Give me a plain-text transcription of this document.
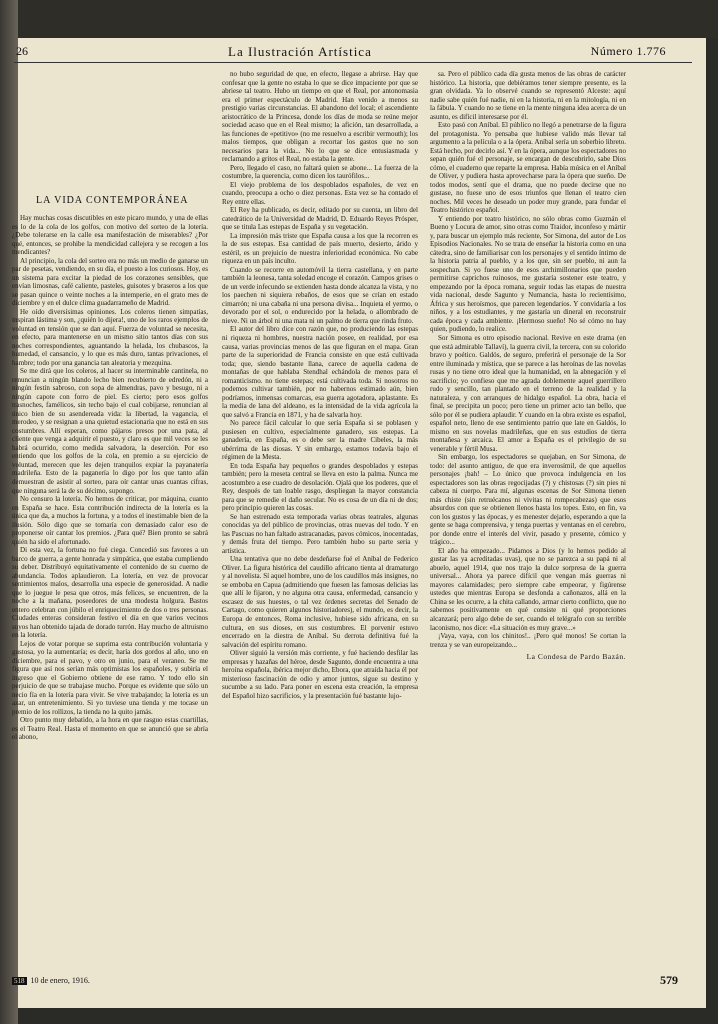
26	La Ilustración Artística	Número 1.776
LA VIDA CONTEMPORÁNEA

Hay muchas cosas discutibles en este picaro mundo, y una de ellas es lo de la cola de los golfos, con motivo del sorteo de la lotería. ¿Debe tolerarse en la calle esa manifestación de miserables? ¿Por qué, entonces, se prohibe la mendicidad callejera y se recogen a los mendicantes?

Al principio, la cola del sorteo era no más un medio de ganarse un par de pesetas, vendiendo, en su día, el puesto a los curiosos. Hoy, es un sistema para excitar la piedad de los corazones sensibles, que envían limosnas, café caliente, pasteles, guisotes y braseros a los que se pasan quince o veinte noches a la intemperie, en el grato mes de diciembre y en el dulce clima guadarrameño de Madrid.

He oído diversísimas opiniones. Los coleros tienen simpatías, inspiran lástima y son, ¿quién lo dijera!, uno de los raros ejemplos de voluntad en tensión que se dan aquí. Fuerza de voluntad se necesita, en efecto, para mantenerse en un mismo sitio tantos días con sus noches correspondientes, aguantando la helada, los chubascos, la humedad, el cansancio, y lo que es más duro, tantas privaciones, el hambre; todo por una ganancia tan aleatoria y mezquina.

Se me dirá que los coleros, al hacer su interminable cantinela, no renuncian a ningún blando lecho bien recubierto de edredón, ni a ningún festín sabroso, con sopa de almendras, pavo y besugo, ni a ningún capote con forro de piel. Es cierto; pero esos golfos trasnoches, famélicos, sin techo bajo el cual cobijarse, renuncian al único bien de su asendereada vida: la libertad, la vagancia, el merodeo, y se resignan a una quietud estacionaria que no está en sus costumbres. Allí esperan, como pájaros presos por una pata, al cliente que venga a adquirir el puesto, y claro es que mil veces se les habrá ocurrido, como medida salvadora, la deserción. Por eso entiendo que los golfos de la cola, en premio a su ejercicio de voluntad, merecen que les dejen tranquilos expiar la payanatería madrileña. Esto de la paganería lo digo por los que tanto afán demuestran de asistir al sorteo, para oír cantar unas cuantas cifras, que ninguna será la de su décimo, supongo.

No censuro la lotería. No hemos de criticar, por máquina, cuanto en España se hace. Esta contribución indirecta de la lotería es la única que da, a muchos la fortuna, y a todos el inestimable bien de la ilusión. Sólo digo que se tomaría con demasiado calor eso de proponerse oír cantar los premios. ¿Para qué? Bien pronto se sabrá quién ha sido el afortunado.

Di esta vez, la fortuna no fué ciega. Concedió sus favores a un barco de guerra, a gente honrada y simpática, que estaba cumpliendo su deber. Distribuyó equitativamente el contenido de su cuerno de abundancia. Todos aplaudieron. La lotería, en vez de provocar sentimientos malos, desarrolla una especie de generosidad. A nadie que lo juegue le pesa que otros, más felices, se encuentren, de la noche a la mañana, poseedores de una modesta holgura. Bastos entero celebran con júbilo el enriquecimiento de dos o tres personas. Ciudades enteras consideran festivo el día en que varios vecinos suyos han obtenido tajada de dorado turrón. Hay mucho de altruismo en la lotería.

Lejos de votar porque se suprima esta contribución voluntaria y gustosa, yo la aumentaría; es decir, haría dos gordos al año, uno en diciembre, para el pavo, y otro en junio, para el veraneo. Se me figura que así nos serían más optimistas los españoles, y subiría el ingreso que el Gobierno obtiene de ese ramo. Y todo ello sin perjuicio de que se trabajase mucho. Porque es evidente que sólo un necio fía en la lotería para vivir. Se vive trabajando; la lotería es un azar, un entretenimiento. Si yo tuviese una tienda y me tocase un premio de los rollizos, la tienda no la quito jamás.

Otro punto muy debatido, a la hora en que rasguo estas cuartillas, es el Teatro Real. Hasta el momento en que se anunció que se abría el abono,

no hubo seguridad de que, en efecto, llegase a abrirse. Hay que confesar que la gente no estaba lo que se dice impaciente por que se abriese tal teatro. Hubo un tiempo en que el Real, por antonomasia era el primer espectáculo de Madrid. Han venido a menos su prestigio varias circunstancias. El abandono del local; el ascendiente aristocrático de la Princesa, donde los días de moda se reúne mejor sociedad acaso que en el Real mismo; la afición, tan desarrollada, a las funciones de «petitivo» (no me resuelvo a escribir vermouth); los malos tiempos, que obligan a recortar los gastos que no son necesarios para la vida... No lo que se dice entusiasmada y reclamando a gritos el Real, no estaba la gente.

Pero, llegado el caso, no faltará quien se abone... La fuerza de la costumbre, la querencia, como dicen los taurófilos...

El viejo problema de los despoblados españoles, de vez en cuando, preocupa a ocho o diez personas. Esta vez se ha contado el Rey entre ellas.

El Rey ha publicado, es decir, editado por su cuenta, un libro del catedrático de la Universidad de Madrid, D. Eduardo Reyes Prósper, que se titula Las estepas de España y su vegetación.

La impresión más triste que España causa a los que la recorren es la de sus estepas. Esa cantidad de país muerto, desierto, árido y estéril, es un prejuicio de nuestra inferioridad económica. No cabe riqueza en un país inculto.

Cuando se recorre en automóvil la tierra castellana, y en parte también la leonesa, tanta soledad encoge el corazón. Campos grises o de un verde infecundo se extienden hasta donde alcanza la vista, y no los paechen ni siquiera rebaños, de esos que se crían en estado cimarrón; ni una cabaña ni una persona divisa... Inquieta el yermo, o devorado por el sol, o endurecido por la helada, o allombrado de nieve. Ni un árbol ni una mata ni un palmo de tierra que rinda fruto.

El autor del libro dice con razón que, no produciendo las estepas ni riqueza ni hombres, nuestra nación posee, en realidad, por esa causa, varias provincias menos de las que figuran en el mapa. Gran parte de la superioridad de Francia consiste en que está cultivada toda; que, siendo bastante llana, carece de aquella cadena de montañas de que hablaba Stendhal echándola de menos para el romanticismo. no tiene estepas; está cultivada toda. Si nosotros no podemos cultivar también, por no habernos estimado aún, bien podríamos, inmensas comarcas, esa guerra agotadora, aplastante. Es la media de lana del aldeano, es la intensidad de la vida agrícola la que salvó a Francia en 1871, y ha de salvarla hoy.

No parece fácil calcular lo que sería España si se poblasen y pusiesen en cultivo, especialmente ganadero, sus estepas. La ganadería, en España, es o debe ser la madre Cibeles, la más ubérrima de las diosas. Y sin embargo, estamos todavía bajo el régimen de la Mesta.

En toda España hay pequeños o grandes despoblados y estepas también; pero la meseta central se lleva en esto la palma. Nunca me acostumbro a ese cuadro de desolación. Ojalá que los poderes, que el Rey, después de tan loable rasgo, despliegan la mayor constancia para que se remedie el daño secular. No es cosa de un día ni de dos; pero principio quieren las cosas.

Se han estrenado esta temporada varias obras teatrales, algunas conocidas ya del público de provincias, otras nuevas del todo. Y en las Pascuas no han faltado astracanadas, pavos cómicos, inocentadas, y demás fruta del tiempo. Pero también hubo su parte seria y artística.

Una tentativa que no debe desdeñarse fué el Aníbal de Federico Oliver. La figura histórica del caudillo africano tienta al dramaturgo y al novelista. Sí aquel hombre, uno de los caudillos más insignes, no se emboba en Capua (admitiendo que fuesen las famosas delicias las que allí le fijaron, y no alguna otra causa, enfermedad, cansancio y escasez de sus huestes, o tal vez órdenes secretas del Senado de Cartago, como quieren algunos historiadores), el mundo, es decir, la Europa de entonces, Roma inclusive, hubiese sido africana, en su cultura, en sus dioses, en sus costumbres. El porvenir estuvo encerrado en la diestra de Aníbal. Su derrota definitiva fué la salvación del espíritu romano.

Oliver siguió la versión más corriente, y fué haciendo desfilar las empresas y hazañas del héroe, desde Sagunto, donde encuentra a una heroína española, ibérica mejor dicho, Ebora, que atraída hacia él por misterioso fascinación de odio y amor juntos, sigue su destino y sucumbe a su lado. Para poner en escena esta creación, la empresa del Español hizo sacrificios, y la presentación fué bastante lujo-

sa. Pero el público cada día gusta menos de las obras de carácter histórico. La historia, que debiéramos tener siempre presente, es la gran olvidada. Ya lo observé cuando se representó Alceste: aquí nadie sabe quién fué nadie, ni en la historia, ni en la mitología, ni en la fábula. Y cuando no se tiene en la mente ninguna idea acerca de un asunto, es difícil interesarse por él.

Esto pasó con Aníbal. El público no llegó a penetrarse de la figura del protagonista. Yo pensaba que hubiese valido más llevar tal argumento a la película o a la ópera. Aníbal sería un soberbio libreto. Está hecho, por decirlo así. Y en la ópera, aunque los espectadores no sepan quién fué el personaje, se encargan de descubrirlo, sabe Dios cómo, el cuaderno que reparte la empresa. Había música en el Aníbal de Oliver, y pudiera hasta aprovecharse para la ópera que sueño. De todos modos, sentí que el drama, que no puede decirse que no gustase, no fuese uno de esos triunfos que llenan el teatro cien noches. Mil veces he deseado un poder muy grande, para fundar el Teatro histórico español.

Y entiendo por teatro histórico, no sólo obras como Guzmán el Bueno y Locura de amor, sino otras como Traidor, inconfeso y mártir y, para buscar un ejemplo más reciente, Sor Simona, del autor de Los Episodios Nacionales. No se trata de enseñar la historia como en una cátedra, sino de familiarisar con los personajes y el sentido íntimo de la historia patria al pueblo, y a los que, sin ser pueblo, ni aun la sospechan. Si yo fuese uno de esos archimillonarios que pueden permitirse caprichos ruinosos, me gustaría sostener este teatro, y empezando por la época romana, seguir todas las etapas de nuestra vida nacional, desde Sagunto y Numancia, hasta lo recientísimo, África y sus heroísmos, que parecen legendarios. Y convidaría a los niños, y a los estudiantes, y me gastaría un dineral en reconstruir cada época y cada ambiente. ¡Hermoso sueño! No sé cómo no hay quien, pudiendo, lo realice.

Sor Simona es otro episodio nacional. Revive en este drama (en que está admirable Tallaví), la guerra civil, la tercera, con su colorido bravo y poético. Galdós, de seguro, preferirá el personaje de la Sor entre iluminada y mística, que se parece a las heroínas de las novelas rusas y no tiene otro ideal que la humanidad, en la abnegación y el sacrificio; yo confieso que me agrada doblemente aquel guerrillero rudo y sencillo, tan plantado en el terreno de la realidad y la naturaleza, y con arranques de hidalgo español. La obra, hacia el final, se precipita un poco; pero tiene un primer acto tan bello, que sólo por él se pudiera aplaudir. Y cuando en la obra existe es español, español neto, lleno de ese sentimiento patrio que late en Galdós, lo mismo en sus novelas madrileñas, que en sus estudios de tierra montañesa y arcaica. El amor a España es el privilegio de su venerable y fértil Musa.

Sin embargo, los espectadores se quejaban, en Sor Simona, de todo: del asunto antiguo, de que era inverosímil, de que aquellos personajes ¡bah! – Lo único que provoca indulgencia en los espectadores son las obras regocijadas (?) y chistosas (?) sin pies ni cabeza ni cuerpo. Para mí, algunas escenas de Sor Simona tienen más chiste (sin retruécanos ni vivitas ni rompecabezas) que esos absurdos con que se obtienen llenos hasta los topes. Esto, en fin, va con los gustos y las épocas, y es menester dejarlo, esperando a que la gente se haga comprensiva, y tenga puertas y ventanas en el cerebro, por donde entre el interés del vivir, pasado y presente, cómico y trágico...

El año ha empezado... Pidamos a Dios (y lo hemos pedido al gustar las ya acreditadas uvas), que no se parezca a su papá ni al abuelo, aquel 1914, que nos trajo la dulce sorpresa de la guerra universal... Ahora ya parece difícil que vengan más guerras ni mayores calamidades; pero siempre cabe empeorar, y figúrense ustedes que mientras Europa se desfonda a cañonazos, allá en la China se les ocurre, a la chita callando, armar cierto conflicto, que no sabemos positivamente en qué consiste ni qué proporciones alcanzará; pero algo debe de ser, cuando el telégrafo con su terrible laconismo, nos dice: «La situación es muy grave...»

¡Vaya, vaya, con los chinitos!.. ¡Pero qué monos! Se cortan la trenza y se van europeizando...

La Condesa de Pardo Bazán.
518 10 de enero, 1916.	579
